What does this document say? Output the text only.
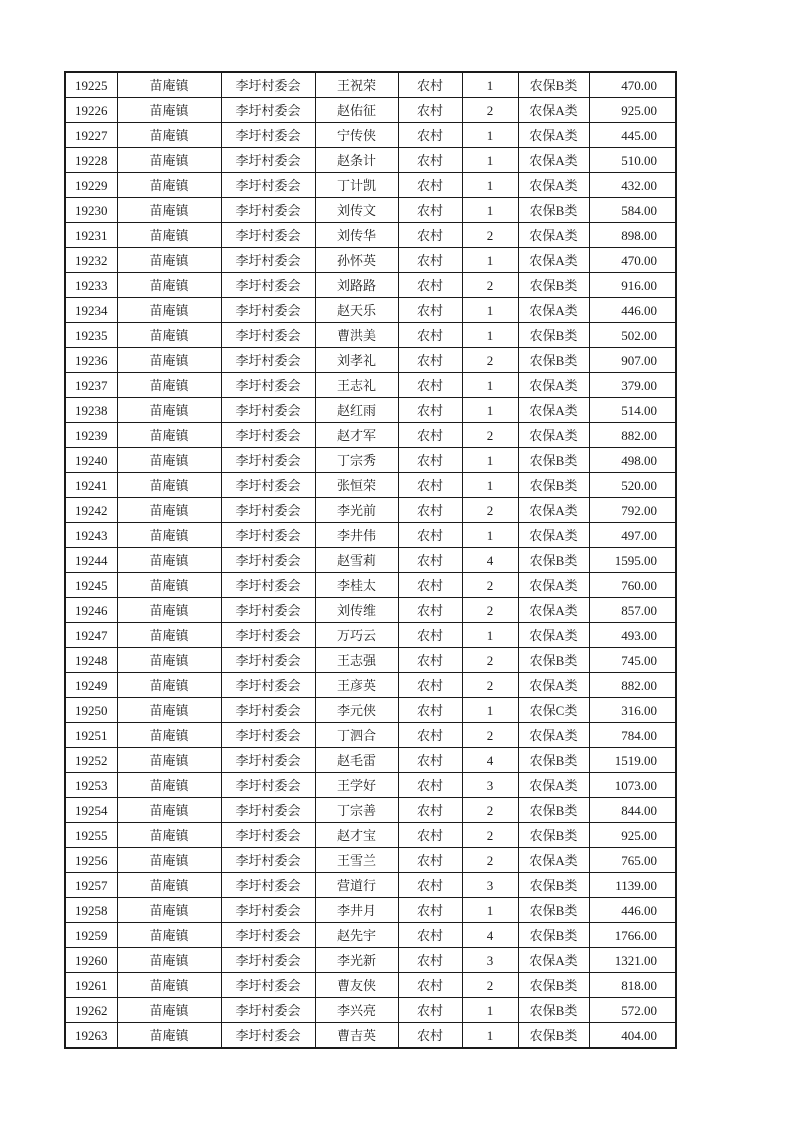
19225	苗庵镇	李圩村委会	王祝荣	农村	1	农保B类	470.00
19226	苗庵镇	李圩村委会	赵佑征	农村	2	农保A类	925.00
19227	苗庵镇	李圩村委会	宁传侠	农村	1	农保A类	445.00
19228	苗庵镇	李圩村委会	赵条计	农村	1	农保A类	510.00
19229	苗庵镇	李圩村委会	丁计凯	农村	1	农保A类	432.00
19230	苗庵镇	李圩村委会	刘传文	农村	1	农保B类	584.00
19231	苗庵镇	李圩村委会	刘传华	农村	2	农保A类	898.00
19232	苗庵镇	李圩村委会	孙怀英	农村	1	农保A类	470.00
19233	苗庵镇	李圩村委会	刘路路	农村	2	农保B类	916.00
19234	苗庵镇	李圩村委会	赵天乐	农村	1	农保A类	446.00
19235	苗庵镇	李圩村委会	曹洪美	农村	1	农保B类	502.00
19236	苗庵镇	李圩村委会	刘孝礼	农村	2	农保B类	907.00
19237	苗庵镇	李圩村委会	王志礼	农村	1	农保A类	379.00
19238	苗庵镇	李圩村委会	赵红雨	农村	1	农保A类	514.00
19239	苗庵镇	李圩村委会	赵才军	农村	2	农保A类	882.00
19240	苗庵镇	李圩村委会	丁宗秀	农村	1	农保B类	498.00
19241	苗庵镇	李圩村委会	张恒荣	农村	1	农保B类	520.00
19242	苗庵镇	李圩村委会	李光前	农村	2	农保A类	792.00
19243	苗庵镇	李圩村委会	李井伟	农村	1	农保A类	497.00
19244	苗庵镇	李圩村委会	赵雪莉	农村	4	农保B类	1595.00
19245	苗庵镇	李圩村委会	李桂太	农村	2	农保A类	760.00
19246	苗庵镇	李圩村委会	刘传维	农村	2	农保A类	857.00
19247	苗庵镇	李圩村委会	万巧云	农村	1	农保A类	493.00
19248	苗庵镇	李圩村委会	王志强	农村	2	农保B类	745.00
19249	苗庵镇	李圩村委会	王彦英	农村	2	农保A类	882.00
19250	苗庵镇	李圩村委会	李元侠	农村	1	农保C类	316.00
19251	苗庵镇	李圩村委会	丁泗合	农村	2	农保A类	784.00
19252	苗庵镇	李圩村委会	赵毛雷	农村	4	农保B类	1519.00
19253	苗庵镇	李圩村委会	王学好	农村	3	农保A类	1073.00
19254	苗庵镇	李圩村委会	丁宗善	农村	2	农保B类	844.00
19255	苗庵镇	李圩村委会	赵才宝	农村	2	农保B类	925.00
19256	苗庵镇	李圩村委会	王雪兰	农村	2	农保A类	765.00
19257	苗庵镇	李圩村委会	营道行	农村	3	农保B类	1139.00
19258	苗庵镇	李圩村委会	李井月	农村	1	农保B类	446.00
19259	苗庵镇	李圩村委会	赵先宇	农村	4	农保B类	1766.00
19260	苗庵镇	李圩村委会	李光新	农村	3	农保A类	1321.00
19261	苗庵镇	李圩村委会	曹友侠	农村	2	农保B类	818.00
19262	苗庵镇	李圩村委会	李兴亮	农村	1	农保B类	572.00
19263	苗庵镇	李圩村委会	曹吉英	农村	1	农保B类	404.00
